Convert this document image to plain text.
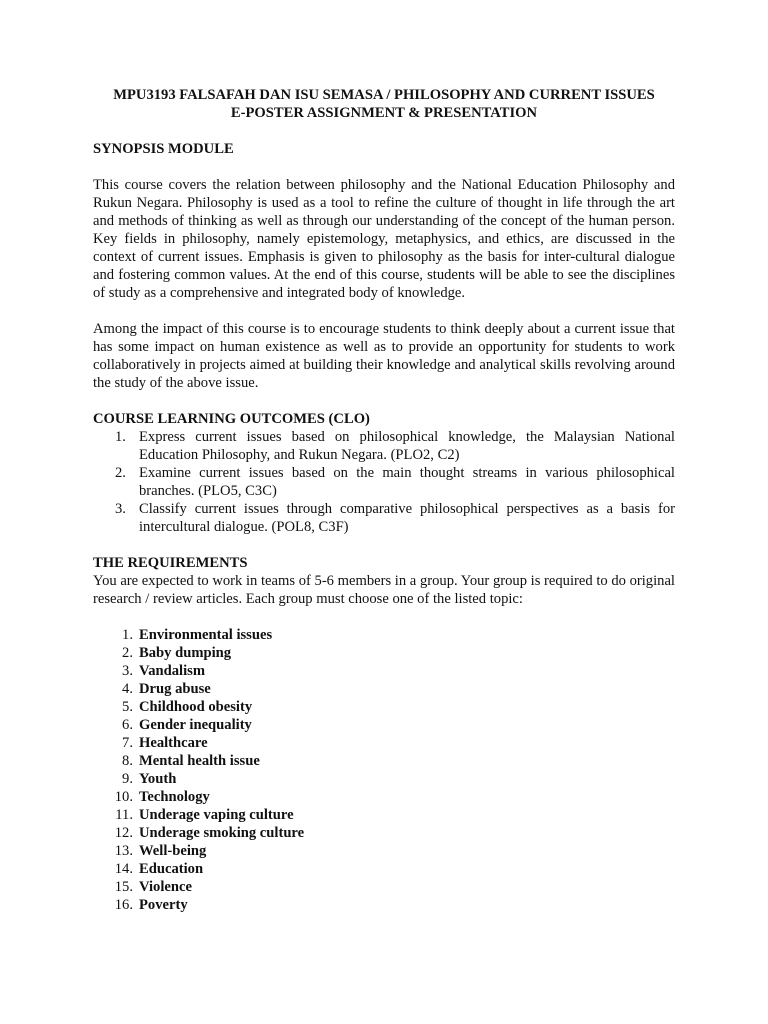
MPU3193 FALSAFAH DAN ISU SEMASA / PHILOSOPHY AND CURRENT ISSUES

E-POSTER ASSIGNMENT & PRESENTATION

SYNOPSIS MODULE

This course covers the relation between philosophy and the National Education Philosophy and Rukun Negara. Philosophy is used as a tool to refine the culture of thought in life through the art and methods of thinking as well as through our understanding of the concept of the human person. Key fields in philosophy, namely epistemology, metaphysics, and ethics, are discussed in the context of current issues. Emphasis is given to philosophy as the basis for inter-cultural dialogue and fostering common values. At the end of this course, students will be able to see the disciplines of study as a comprehensive and integrated body of knowledge.

Among the impact of this course is to encourage students to think deeply about a current issue that has some impact on human existence as well as to provide an opportunity for students to work collaboratively in projects aimed at building their knowledge and analytical skills revolving around the study of the above issue.

COURSE LEARNING OUTCOMES (CLO)

1. Express current issues based on philosophical knowledge, the Malaysian National Education Philosophy, and Rukun Negara. (PLO2, C2)
2. Examine current issues based on the main thought streams in various philosophical branches. (PLO5, C3C)
3. Classify current issues through comparative philosophical perspectives as a basis for intercultural dialogue. (POL8, C3F)

THE REQUIREMENTS

You are expected to work in teams of 5-6 members in a group. Your group is required to do original research / review articles. Each group must choose one of the listed topic:

1. Environmental issues
2. Baby dumping
3. Vandalism
4. Drug abuse
5. Childhood obesity
6. Gender inequality
7. Healthcare
8. Mental health issue
9. Youth
10. Technology
11. Underage vaping culture
12. Underage smoking culture
13. Well-being
14. Education
15. Violence
16. Poverty
